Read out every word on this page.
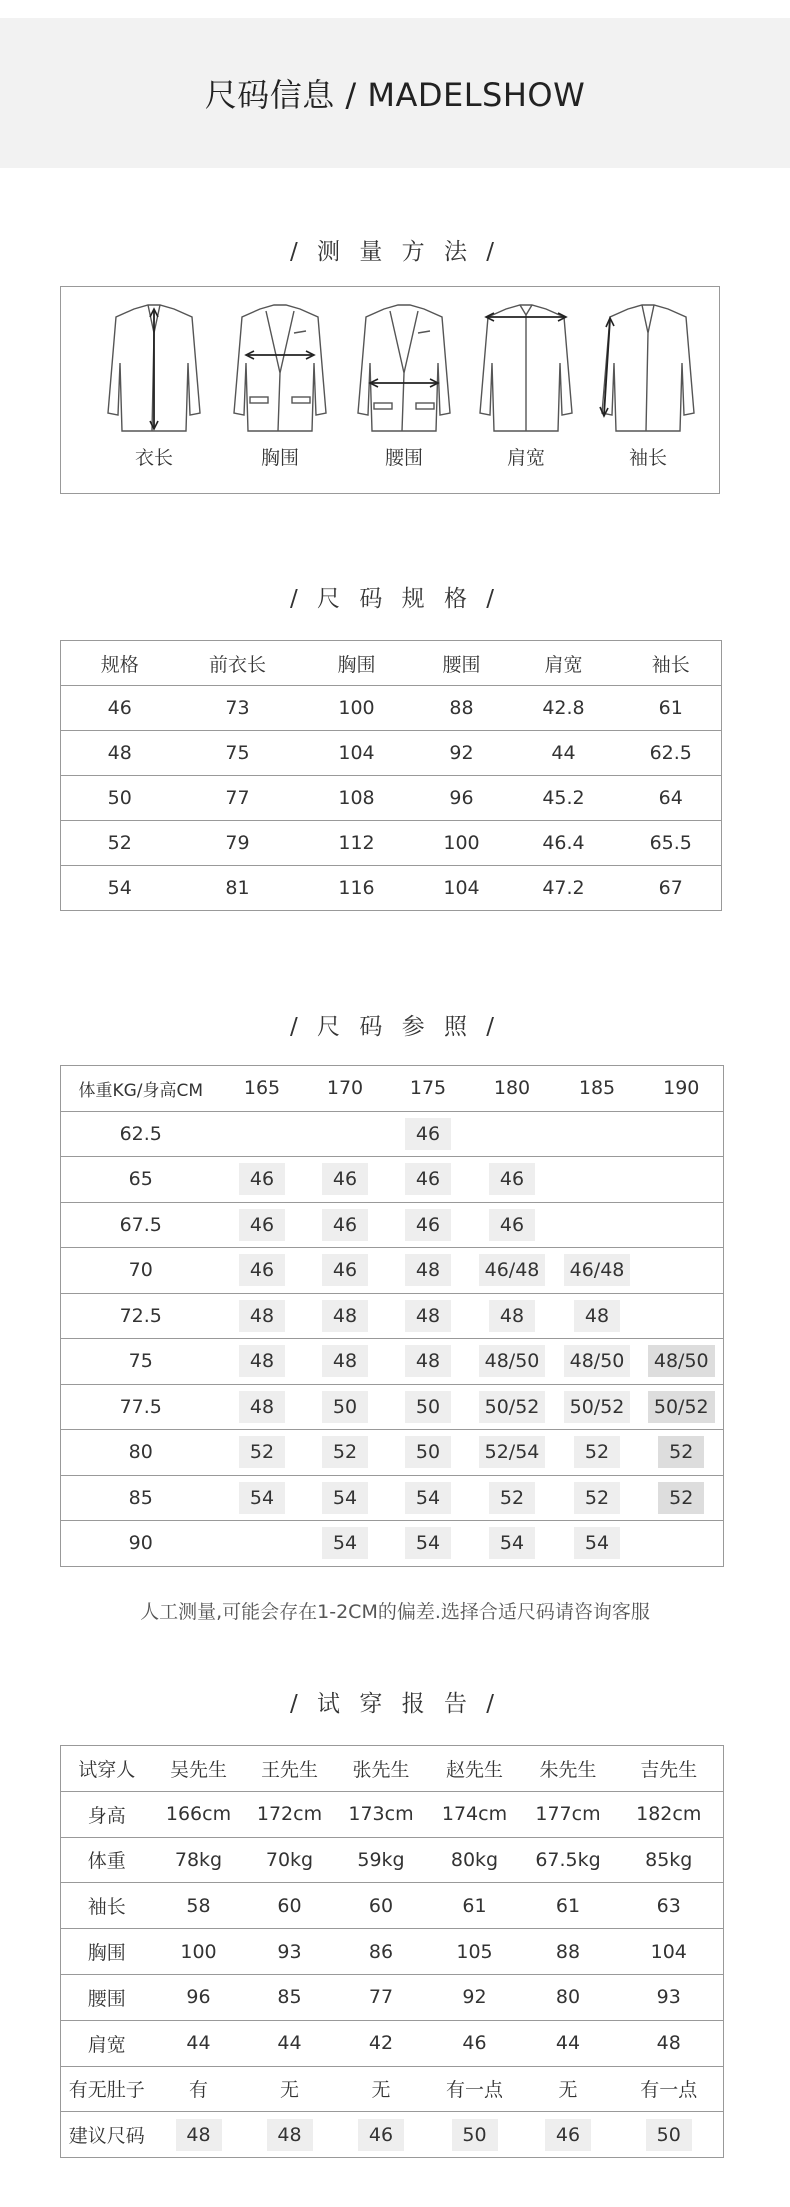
尺码信息 / MADELSHOW
/ 测 量 方 法 /
衣长	胸围	腰围	肩宽	袖长
/ 尺 码 规 格 /
规格	前衣长	胸围	腰围	肩宽	袖长
46	73	100	88	42.8	61
48	75	104	92	44	62.5
50	77	108	96	45.2	64
52	79	112	100	46.4	65.5
54	81	116	104	47.2	67
/ 尺 码 参 照 /
体重KG/身高CM	165	170	175	180	185	190
62.5			46			
65	46	46	46	46		
67.5	46	46	46	46		
70	46	46	48	46/48	46/48	
72.5	48	48	48	48	48	
75	48	48	48	48/50	48/50	48/50
77.5	48	50	50	50/52	50/52	50/52
80	52	52	50	52/54	52	52
85	54	54	54	52	52	52
90		54	54	54	54	
人工测量,可能会存在1-2CM的偏差.选择合适尺码请咨询客服
/ 试 穿 报 告 /
试穿人	吴先生	王先生	张先生	赵先生	朱先生	吉先生
身高	166cm	172cm	173cm	174cm	177cm	182cm
体重	78kg	70kg	59kg	80kg	67.5kg	85kg
袖长	58	60	60	61	61	63
胸围	100	93	86	105	88	104
腰围	96	85	77	92	80	93
肩宽	44	44	42	46	44	48
有无肚子	有	无	无	有一点	无	有一点
建议尺码	48	48	46	50	46	50
